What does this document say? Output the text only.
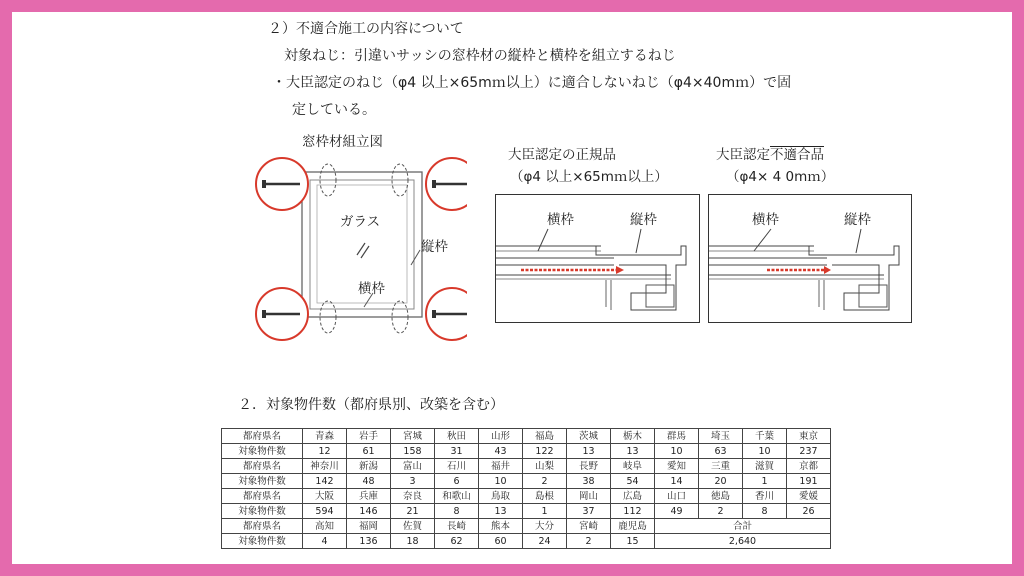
２）不適合施工の内容について
対象ねじ：引違いサッシの窓枠材の縦枠と横枠を組立するねじ
・大臣認定のねじ（φ4 以上×65mｍ以上）に適合しないねじ（φ4×40mｍ）で固
定している。
窓枠材組立図
ガラス
縦枠
横枠
大臣認定の正規品
（φ4 以上×65mｍ以上）
横枠	縦枠
大臣認定不適合品
（φ4× 4 0mｍ）
横枠	縦枠
２．対象物件数（都府県別、改築を含む）
都府県名	青森	岩手	宮城	秋田	山形	福島	茨城	栃木	群馬	埼玉	千葉	東京
対象物件数	12	61	158	31	43	122	13	13	10	63	10	237
都府県名	神奈川	新潟	富山	石川	福井	山梨	長野	岐阜	愛知	三重	滋賀	京都
対象物件数	142	48	3	6	10	2	38	54	14	20	1	191
都府県名	大阪	兵庫	奈良	和歌山	鳥取	島根	岡山	広島	山口	徳島	香川	愛媛
対象物件数	594	146	21	8	13	1	37	112	49	2	8	26
都府県名	高知	福岡	佐賀	長崎	熊本	大分	宮崎	鹿児島	合計			
対象物件数	4	136	18	62	60	24	2	15	2,640			
